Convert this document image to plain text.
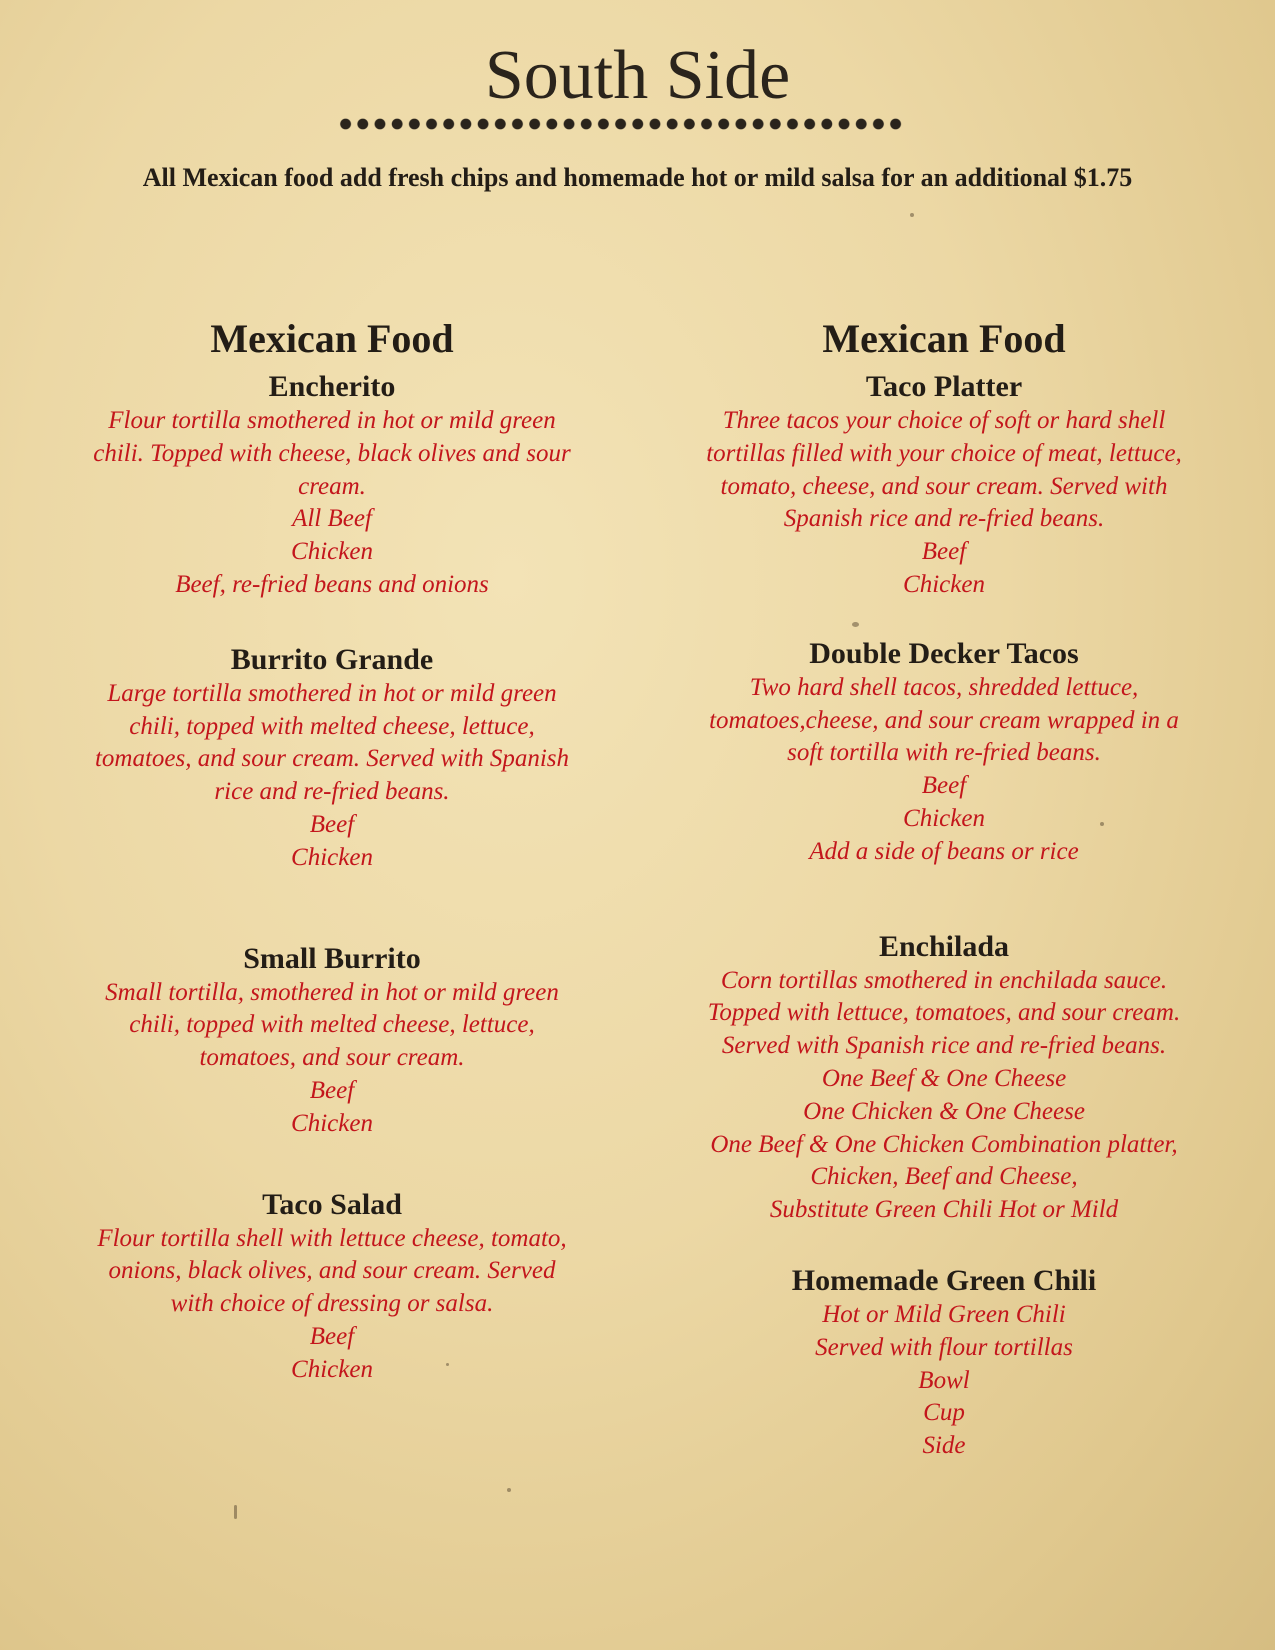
South Side

All Mexican food add fresh chips and homemade hot or mild salsa for an additional $1.75

Mexican Food
Encherito

Flour tortilla smothered in hot or mild green

chili. Topped with cheese, black olives and sour

cream.

All Beef

Chicken

Beef, re-fried beans and onions

Burrito Grande

Large tortilla smothered in hot or mild green

chili, topped with melted cheese, lettuce,

tomatoes, and sour cream. Served with Spanish

rice and re-fried beans.

Beef

Chicken

Small Burrito

Small tortilla, smothered in hot or mild green

chili, topped with melted cheese, lettuce,

tomatoes, and sour cream.

Beef

Chicken

Taco Salad

Flour tortilla shell with lettuce cheese, tomato,

onions, black olives, and sour cream. Served

with choice of dressing or salsa.

Beef

Chicken

Mexican Food
Taco Platter

Three tacos your choice of soft or hard shell

tortillas filled with your choice of meat, lettuce,

tomato, cheese, and sour cream. Served with

Spanish rice and re-fried beans.

Beef

Chicken

Double Decker Tacos

Two hard shell tacos, shredded lettuce,

tomatoes,cheese, and sour cream wrapped in a

soft tortilla with re-fried beans.

Beef

Chicken

Add a side of beans or rice

Enchilada

Corn tortillas smothered in enchilada sauce.

Topped with lettuce, tomatoes, and sour cream.

Served with Spanish rice and re-fried beans.

One Beef & One Cheese

One Chicken & One Cheese

One Beef & One Chicken Combination platter,

Chicken, Beef and Cheese,

Substitute Green Chili Hot or Mild

Homemade Green Chili

Hot or Mild Green Chili

Served with flour tortillas

Bowl

Cup

Side
